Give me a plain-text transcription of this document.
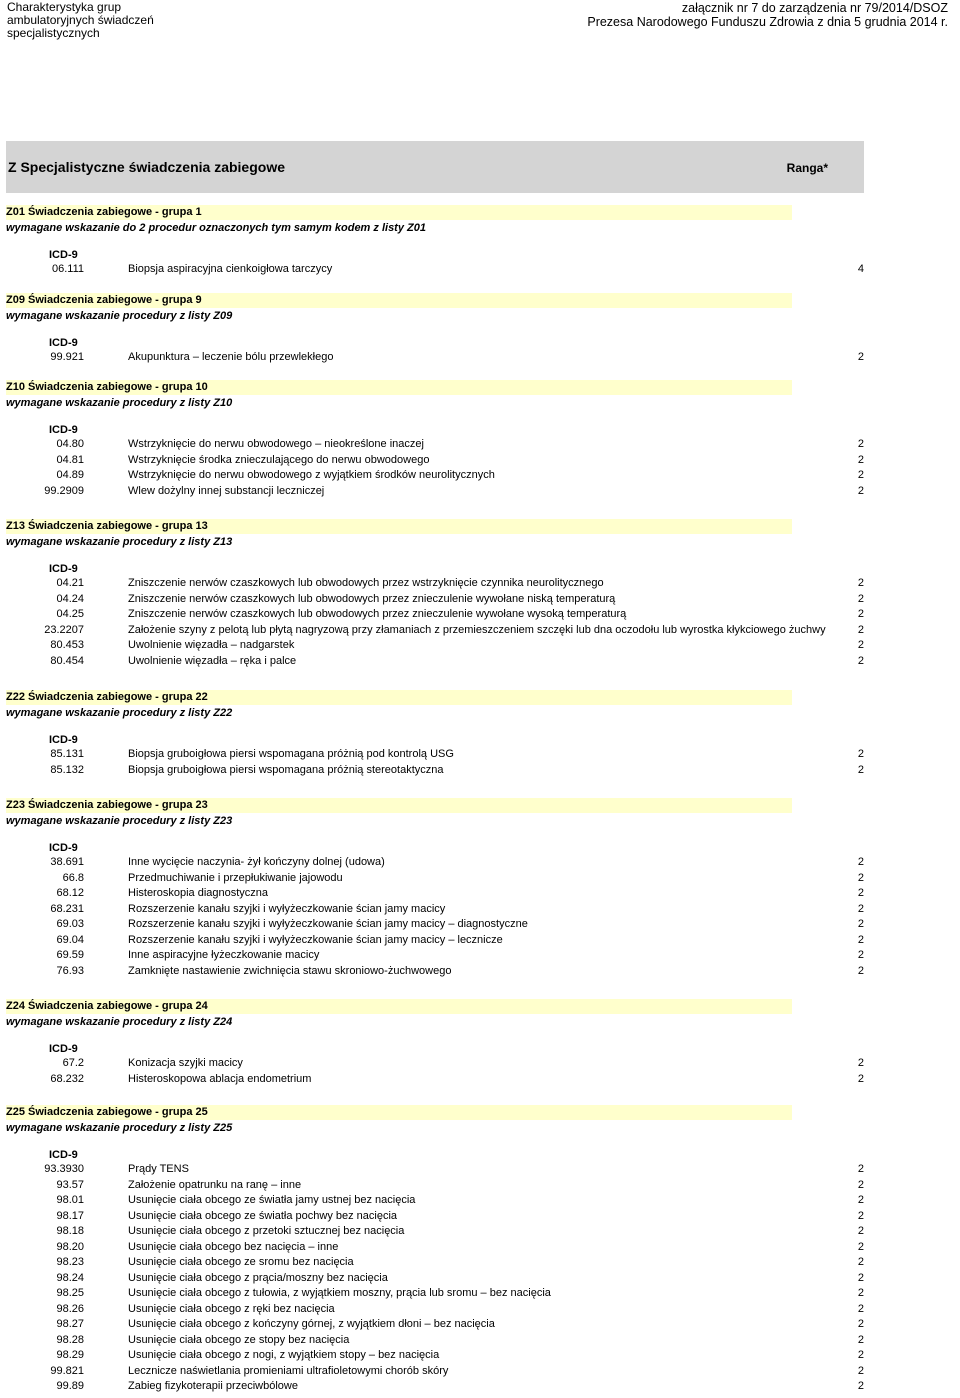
Charakterystyka grup
ambulatoryjnych świadczeń
specjalistycznych
załącznik nr 7 do zarządzenia nr 79/2014/DSOZ
Prezesa Narodowego Funduszu Zdrowia z dnia 5 grudnia 2014 r.
Z Specjalistyczne świadczenia zabiegowe	Ranga*
Z01 Świadczenia zabiegowe - grupa 1
wymagane wskazanie do 2 procedur oznaczonych tym samym kodem z listy Z01
ICD-9
06.111	Biopsja aspiracyjna cienkoigłowa tarczycy	4
Z09 Świadczenia zabiegowe - grupa 9
wymagane wskazanie procedury z listy Z09
ICD-9
99.921	Akupunktura – leczenie bólu przewlekłego	2
Z10 Świadczenia zabiegowe - grupa 10
wymagane wskazanie procedury z listy Z10
ICD-9
04.80	Wstrzyknięcie do nerwu obwodowego – nieokreślone inaczej	2
04.81	Wstrzyknięcie środka znieczulającego do nerwu obwodowego	2
04.89	Wstrzyknięcie do nerwu obwodowego z wyjątkiem środków neurolitycznych	2
99.2909	Wlew dożylny innej substancji leczniczej	2
Z13 Świadczenia zabiegowe - grupa 13
wymagane wskazanie procedury z listy Z13
ICD-9
04.21	Zniszczenie nerwów czaszkowych lub obwodowych przez wstrzyknięcie czynnika neurolitycznego	2
04.24	Zniszczenie nerwów czaszkowych lub obwodowych przez znieczulenie wywołane niską temperaturą	2
04.25	Zniszczenie nerwów czaszkowych lub obwodowych przez znieczulenie wywołane wysoką temperaturą	2
23.2207	Założenie szyny z pelotą lub płytą nagryzową przy złamaniach z przemieszczeniem szczęki lub dna oczodołu lub wyrostka kłykciowego żuchwy	2
80.453	Uwolnienie więzadła – nadgarstek	2
80.454	Uwolnienie więzadła – ręka i palce	2
Z22 Świadczenia zabiegowe - grupa 22
wymagane wskazanie procedury z listy Z22
ICD-9
85.131	Biopsja gruboigłowa piersi wspomagana próżnią pod kontrolą USG	2
85.132	Biopsja gruboigłowa piersi wspomagana próżnią stereotaktyczna	2
Z23 Świadczenia zabiegowe - grupa 23
wymagane wskazanie procedury z listy Z23
ICD-9
38.691	Inne wycięcie naczynia- żył kończyny dolnej (udowa)	2
66.8	Przedmuchiwanie i przepłukiwanie jajowodu	2
68.12	Histeroskopia diagnostyczna	2
68.231	Rozszerzenie kanału szyjki i wyłyżeczkowanie ścian jamy macicy	2
69.03	Rozszerzenie kanału szyjki i wyłyżeczkowanie ścian jamy macicy – diagnostyczne	2
69.04	Rozszerzenie kanału szyjki i wyłyżeczkowanie ścian jamy macicy – lecznicze	2
69.59	Inne aspiracyjne łyżeczkowanie macicy	2
76.93	Zamknięte nastawienie zwichnięcia stawu skroniowo-żuchwowego	2
Z24 Świadczenia zabiegowe - grupa 24
wymagane wskazanie procedury z listy Z24
ICD-9
67.2	Konizacja szyjki macicy	2
68.232	Histeroskopowa ablacja endometrium	2
Z25 Świadczenia zabiegowe - grupa 25
wymagane wskazanie procedury z listy Z25
ICD-9
93.3930	Prądy TENS	2
93.57	Założenie opatrunku na ranę – inne	2
98.01	Usunięcie ciała obcego ze światła jamy ustnej bez nacięcia	2
98.17	Usunięcie ciała obcego ze światła pochwy bez nacięcia	2
98.18	Usunięcie ciała obcego z przetoki sztucznej bez nacięcia	2
98.20	Usunięcie ciała obcego bez nacięcia – inne	2
98.23	Usunięcie ciała obcego ze sromu bez nacięcia	2
98.24	Usunięcie ciała obcego z prącia/moszny bez nacięcia	2
98.25	Usunięcie ciała obcego z tułowia, z wyjątkiem moszny, prącia lub sromu – bez nacięcia	2
98.26	Usunięcie ciała obcego z ręki bez nacięcia	2
98.27	Usunięcie ciała obcego z kończyny górnej, z wyjątkiem dłoni – bez nacięcia	2
98.28	Usunięcie ciała obcego ze stopy bez nacięcia	2
98.29	Usunięcie ciała obcego z nogi, z wyjątkiem stopy – bez nacięcia	2
99.821	Lecznicze naświetlania promieniami ultrafioletowymi chorób skóry	2
99.89	Zabieg fizykoterapii przeciwbólowe	2
